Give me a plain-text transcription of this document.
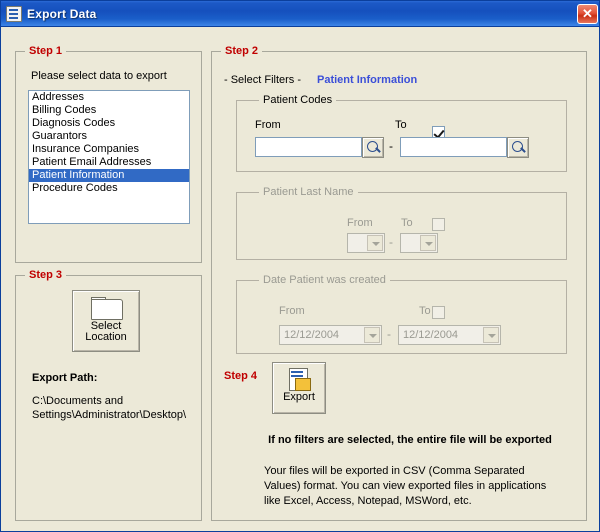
Export Data	✕
Step 1
Please select data to export
Addresses
Billing Codes
Diagnosis Codes
Guarantors
Insurance Companies
Patient Email Addresses
Patient Information
Procedure Codes
Step 3
Select
Location
Export Path:
C:\Documents and Settings\Administrator\Desktop\
Step 2
- Select Filters - Patient Information
Patient Codes
From	To
-
Patient Last Name
From	To
-
Date Patient was created
From	To
12/12/2004	-	12/12/2004
Step 4
Export
If no filters are selected, the entire file will be exported
Your files will be exported in CSV (Comma Separated Values) format. You can view exported files in applications like Excel, Access, Notepad, MSWord, etc.
